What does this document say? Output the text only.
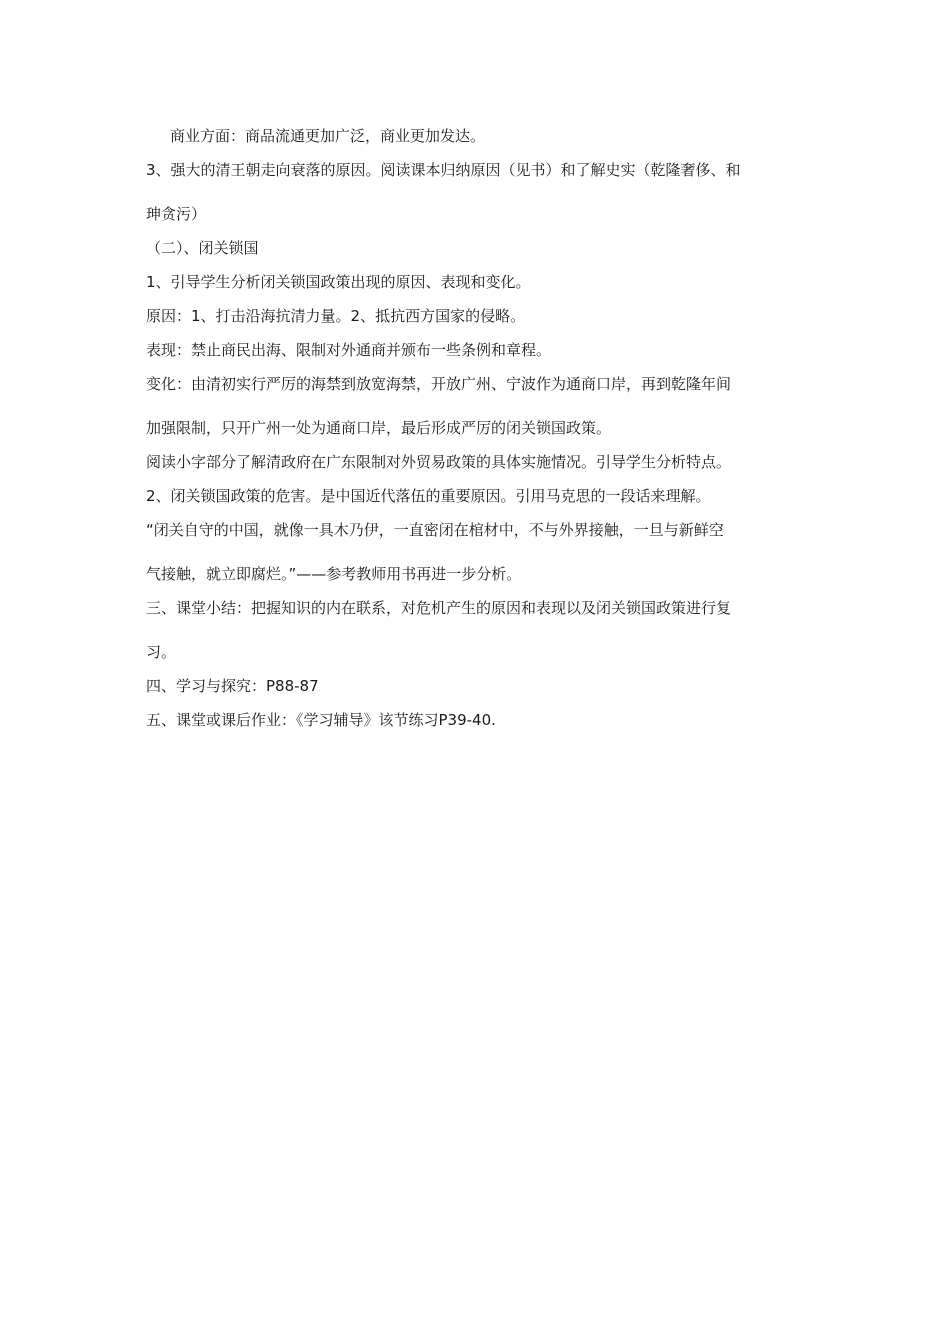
商业方面：商品流通更加广泛，商业更加发达。

3、强大的清王朝走向衰落的原因。阅读课本归纳原因（见书）和了解史实（乾隆奢侈、和

珅贪污）

（二）、闭关锁国

1、引导学生分析闭关锁国政策出现的原因、表现和变化。

原因：1、打击沿海抗清力量。2、抵抗西方国家的侵略。

表现：禁止商民出海、限制对外通商并颁布一些条例和章程。

变化：由清初实行严厉的海禁到放宽海禁，开放广州、宁波作为通商口岸，再到乾隆年间

加强限制，只开广州一处为通商口岸，最后形成严厉的闭关锁国政策。

阅读小字部分了解清政府在广东限制对外贸易政策的具体实施情况。引导学生分析特点。

2、闭关锁国政策的危害。是中国近代落伍的重要原因。引用马克思的一段话来理解。

“闭关自守的中国，就像一具木乃伊，一直密闭在棺材中，不与外界接触，一旦与新鲜空

气接触，就立即腐烂。”——参考教师用书再进一步分析。

三、课堂小结：把握知识的内在联系，对危机产生的原因和表现以及闭关锁国政策进行复

习。

四、学习与探究：P88-87

五、课堂或课后作业：《学习辅导》该节练习P39-40.
